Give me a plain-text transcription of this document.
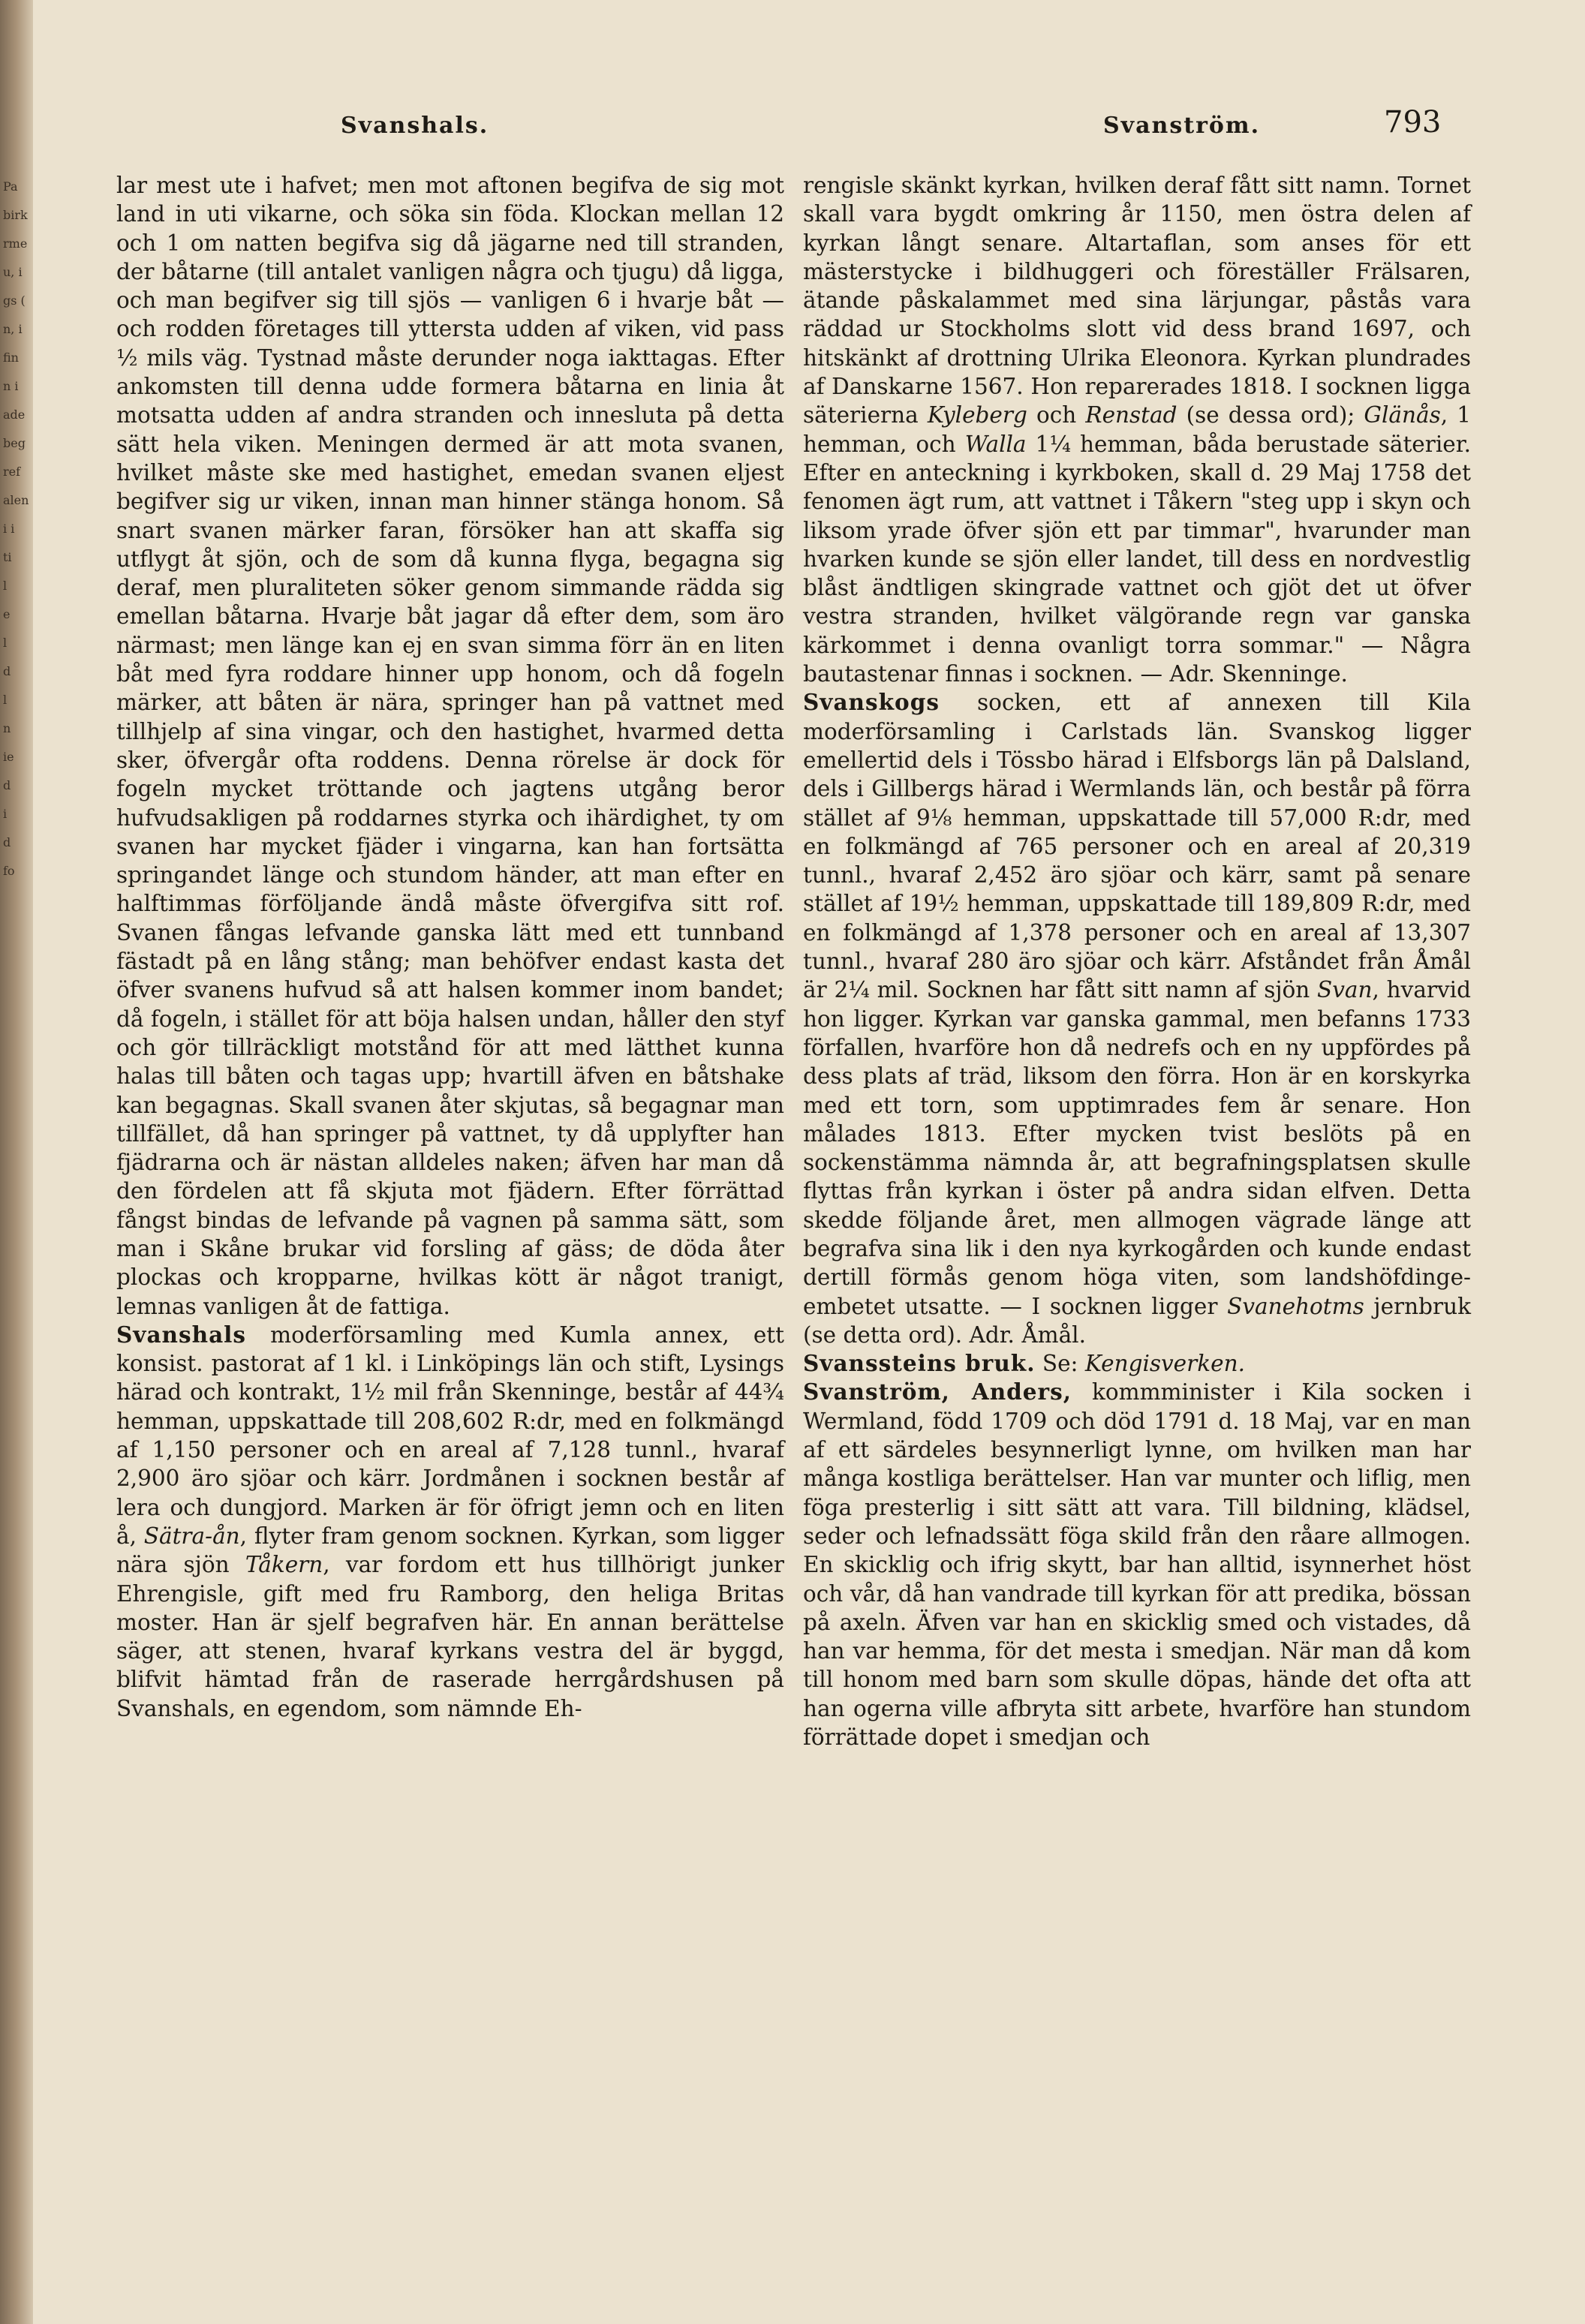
Pa
birk
rme
u, i
gs (
n, i
fin
n i
ade
beg
ref
alen
i i
ti
l
e
l
d
l
n
ie
d
i
d
fo
Svanshals.	Svanström.	793

lar mest ute i hafvet; men mot aftonen begifva de sig mot land in uti vikarne, och söka sin föda. Klockan mellan 12 och 1 om natten begifva sig då jägarne ned till stranden, der båtarne (till antalet vanligen några och tjugu) då ligga, och man begifver sig till sjös — vanligen 6 i hvarje båt — och rodden företages till yttersta udden af viken, vid pass ½ mils väg. Tystnad måste derunder noga iakttagas. Efter ankomsten till denna udde formera båtarna en linia åt motsatta udden af andra stranden och innesluta på detta sätt hela viken. Meningen dermed är att mota svanen, hvilket måste ske med hastighet, emedan svanen eljest begifver sig ur viken, innan man hinner stänga honom. Så snart svanen märker faran, försöker han att skaffa sig utflygt åt sjön, och de som då kunna flyga, begagna sig deraf, men pluraliteten söker genom simmande rädda sig emellan båtarna. Hvarje båt jagar då efter dem, som äro närmast; men länge kan ej en svan simma förr än en liten båt med fyra roddare hinner upp honom, och då fogeln märker, att båten är nära, springer han på vattnet med tillhjelp af sina vingar, och den hastighet, hvarmed detta sker, öfvergår ofta roddens. Denna rörelse är dock för fogeln mycket tröttande och jagtens utgång beror hufvudsakligen på roddarnes styrka och ihärdighet, ty om svanen har mycket fjäder i vingarna, kan han fortsätta springandet länge och stundom händer, att man efter en halftimmas förföljande ändå måste öfvergifva sitt rof. Svanen fångas lefvande ganska lätt med ett tunnband fästadt på en lång stång; man behöfver endast kasta det öfver svanens hufvud så att halsen kommer inom bandet; då fogeln, i stället för att böja halsen undan, håller den styf och gör tillräckligt motstånd för att med lätthet kunna halas till båten och tagas upp; hvartill äfven en båtshake kan begagnas. Skall svanen åter skjutas, så begagnar man tillfället, då han springer på vattnet, ty då upplyfter han fjädrarna och är nästan alldeles naken; äfven har man då den fördelen att få skjuta mot fjädern. Efter förrättad fångst bindas de lefvande på vagnen på samma sätt, som man i Skåne brukar vid forsling af gäss; de döda åter plockas och kropparne, hvilkas kött är något tranigt, lemnas vanligen åt de fattiga.

Svanshals moderförsamling med Kumla annex, ett konsist. pastorat af 1 kl. i Linköpings län och stift, Lysings härad och kontrakt, 1½ mil från Skenninge, består af 44¾ hemman, uppskattade till 208,602 R:dr, med en folkmängd af 1,150 personer och en areal af 7,128 tunnl., hvaraf 2,900 äro sjöar och kärr. Jordmånen i socknen består af lera och dungjord. Marken är för öfrigt jemn och en liten å, Sätra-ån, flyter fram genom socknen. Kyrkan, som ligger nära sjön Tåkern, var fordom ett hus tillhörigt junker Ehrengisle, gift med fru Ramborg, den heliga Britas moster. Han är sjelf begrafven här. En annan berättelse säger, att stenen, hvaraf kyrkans vestra del är byggd, blifvit hämtad från de raserade herrgårdshusen på Svanshals, en egendom, som nämnde Eh-

rengisle skänkt kyrkan, hvilken deraf fått sitt namn. Tornet skall vara bygdt omkring år 1150, men östra delen af kyrkan långt senare. Altartaflan, som anses för ett mästerstycke i bildhuggeri och föreställer Frälsaren, ätande påskalammet med sina lärjungar, påstås vara räddad ur Stockholms slott vid dess brand 1697, och hitskänkt af drottning Ulrika Eleonora. Kyrkan plundrades af Danskarne 1567. Hon reparerades 1818. I socknen ligga säterierna Kyleberg och Renstad (se dessa ord); Glänås, 1 hemman, och Walla 1¼ hemman, båda berustade säterier. Efter en anteckning i kyrkboken, skall d. 29 Maj 1758 det fenomen ägt rum, att vattnet i Tåkern "steg upp i skyn och liksom yrade öfver sjön ett par timmar", hvarunder man hvarken kunde se sjön eller landet, till dess en nordvestlig blåst ändtligen skingrade vattnet och gjöt det ut öfver vestra stranden, hvilket välgörande regn var ganska kärkommet i denna ovanligt torra sommar." — Några bautastenar finnas i socknen. — Adr. Skenninge.

Svanskogs socken, ett af annexen till Kila moderförsamling i Carlstads län. Svanskog ligger emellertid dels i Tössbo härad i Elfsborgs län på Dalsland, dels i Gillbergs härad i Wermlands län, och består på förra stället af 9⅛ hemman, uppskattade till 57,000 R:dr, med en folkmängd af 765 personer och en areal af 20,319 tunnl., hvaraf 2,452 äro sjöar och kärr, samt på senare stället af 19½ hemman, uppskattade till 189,809 R:dr, med en folkmängd af 1,378 personer och en areal af 13,307 tunnl., hvaraf 280 äro sjöar och kärr. Afståndet från Åmål är 2¼ mil. Socknen har fått sitt namn af sjön Svan, hvarvid hon ligger. Kyrkan var ganska gammal, men befanns 1733 förfallen, hvarföre hon då nedrefs och en ny uppfördes på dess plats af träd, liksom den förra. Hon är en korskyrka med ett torn, som upptimrades fem år senare. Hon målades 1813. Efter mycken tvist beslöts på en sockenstämma nämnda år, att begrafningsplatsen skulle flyttas från kyrkan i öster på andra sidan elfven. Detta skedde följande året, men allmogen vägrade länge att begrafva sina lik i den nya kyrkogården och kunde endast dertill förmås genom höga viten, som landshöfdinge-embetet utsatte. — I socknen ligger Svanehotms jernbruk (se detta ord). Adr. Åmål.

Svanssteins bruk. Se: Kengisverken.

Svanström, Anders, kommminister i Kila socken i Wermland, född 1709 och död 1791 d. 18 Maj, var en man af ett särdeles besynnerligt lynne, om hvilken man har många kostliga berättelser. Han var munter och liflig, men föga presterlig i sitt sätt att vara. Till bildning, klädsel, seder och lefnadssätt föga skild från den råare allmogen. En skicklig och ifrig skytt, bar han alltid, isynnerhet höst och vår, då han vandrade till kyrkan för att predika, bössan på axeln. Äfven var han en skicklig smed och vistades, då han var hemma, för det mesta i smedjan. När man då kom till honom med barn som skulle döpas, hände det ofta att han ogerna ville afbryta sitt arbete, hvarföre han stundom förrättade dopet i smedjan och
